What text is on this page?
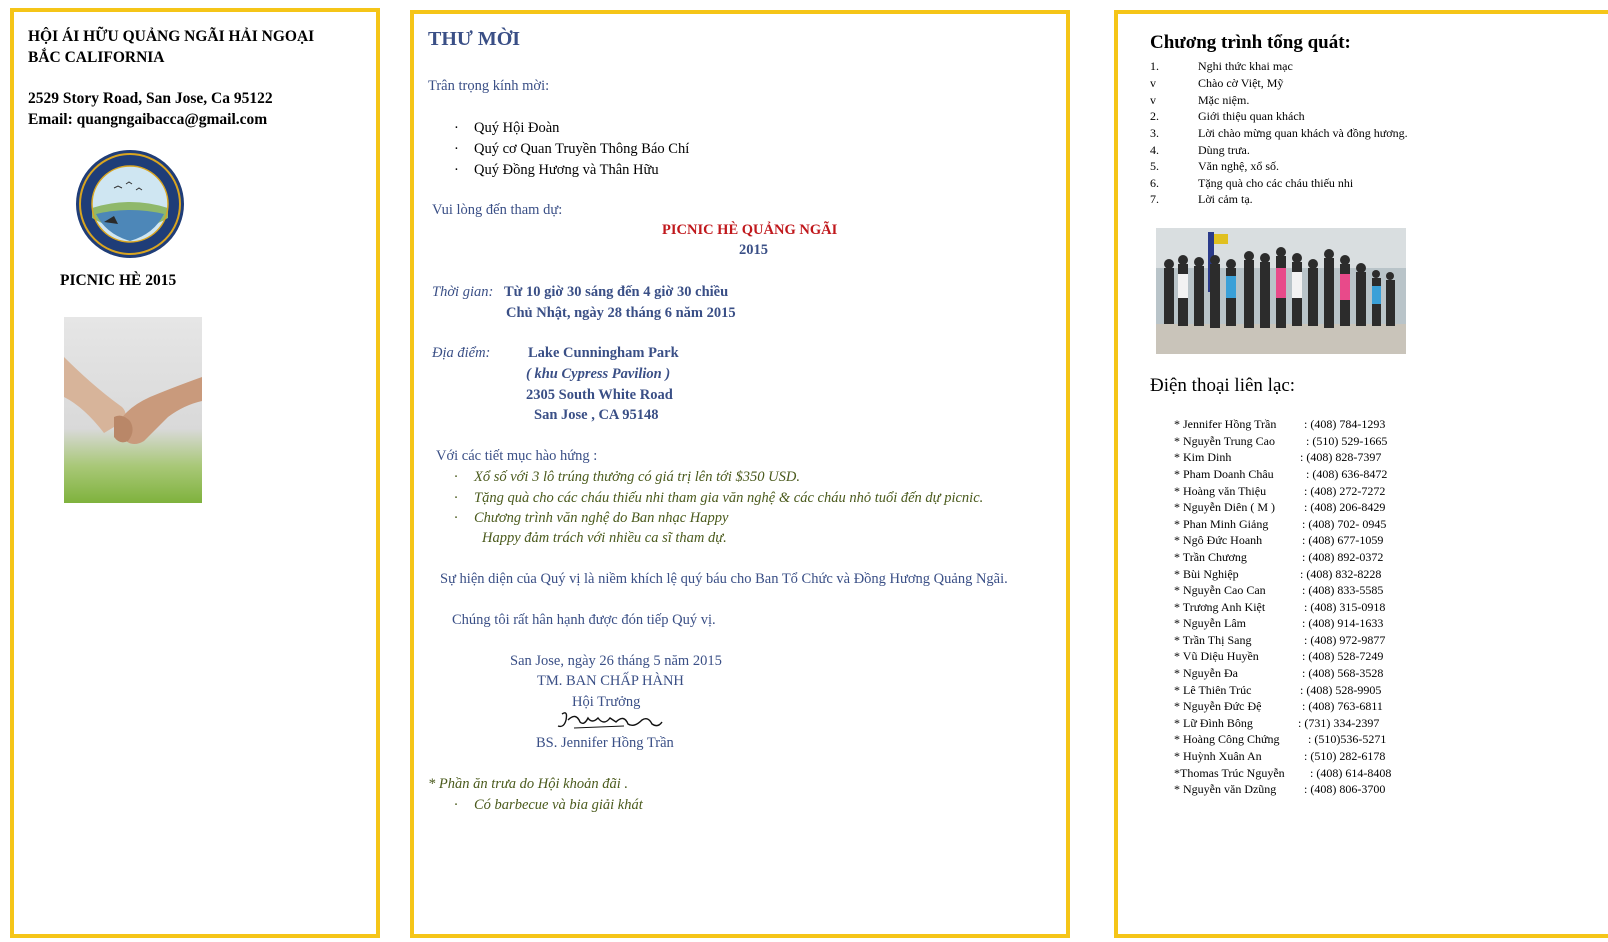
HỘI ÁI HỮU QUẢNG NGÃI HẢI NGOẠI
BẮC CALIFORNIA
2529 Story Road, San Jose, Ca 95122
Email: quangngaibacca@gmail.com
PICNIC HÈ 2015
THƯ MỜI
Trân trọng kính mời:
· Quý Hội Đoàn
· Quý cơ Quan Truyền Thông Báo Chí
· Quý Đồng Hương và Thân Hữu
Vui lòng đến tham dự:
PICNIC HÈ QUẢNG NGÃI
2015
Thời gian: Từ 10 giờ 30 sáng đến 4 giờ 30 chiều
Chủ Nhật, ngày 28 tháng 6 năm 2015
Địa điểm:	Lake Cunningham Park
( khu Cypress Pavilion )
2305 South White Road
San Jose , CA 95148
Với các tiết mục hào hứng :
· Xổ số với 3 lô trúng thưởng có giá trị lên tới $350 USD.
· Tặng quà cho các cháu thiếu nhi tham gia văn nghệ & các cháu nhỏ tuổi đến dự picnic.
· Chương trình văn nghệ do Ban nhạc Happy
Happy đảm trách với nhiều ca sĩ tham dự.
Sự hiện diện của Quý vị là niềm khích lệ quý báu cho Ban Tổ Chức và Đồng Hương Quảng Ngãi.
Chúng tôi rất hân hạnh được đón tiếp Quý vị.
San Jose, ngày 26 tháng 5 năm 2015
TM. BAN CHẤP HÀNH
Hội Trưởng
BS. Jennifer Hồng Trần
* Phần ăn trưa do Hội khoản đãi .
· Có barbecue và bia giải khát
Chương trình tổng quát:
1.	Nghi thức khai mạc
v	Chào cờ Việt, Mỹ
v	Mặc niệm.
2.	Giới thiệu quan khách
3.	Lời chào mừng quan khách và đồng hương.
4.	Dùng trưa.
5.	Văn nghệ, xổ số.
6.	Tặng quà cho các cháu thiếu nhi
7.	Lời cảm tạ.
Điện thoại liên lạc:
* Jennifer Hồng Trần : (408) 784-1293
* Nguyễn Trung Cao	: (510) 529-1665
* Kim Dinh	: (408) 828-7397
* Pham Doanh Châu	: (408) 636-8472
* Hoàng văn Thiệu	: (408) 272-7272
* Nguyễn Diên ( M ) : (408) 206-8429
* Phan Minh Giảng	: (408) 702- 0945
* Ngô Đức Hoanh	: (408) 677-1059
* Trần Chương	: (408) 892-0372
* Bùi Nghiệp	: (408) 832-8228
* Nguyễn Cao Can	: (408) 833-5585
* Trương Anh Kiệt	: (408) 315-0918
* Nguyễn Lâm	: (408) 914-1633
* Trần Thị Sang	: (408) 972-9877
* Vũ Diệu Huyền	: (408) 528-7249
* Nguyễn Đa	: (408) 568-3528
* Lê Thiên Trúc	: (408) 528-9905
* Nguyễn Đức Đệ	: (408) 763-6811
* Lữ Đình Bông	: (731) 334-2397
* Hoàng Công Chứng : (510)536-5271
* Huỳnh Xuân An	: (510) 282-6178
*Thomas Trúc Nguyễn : (408) 614-8408
* Nguyễn văn Dzũng : (408) 806-3700
